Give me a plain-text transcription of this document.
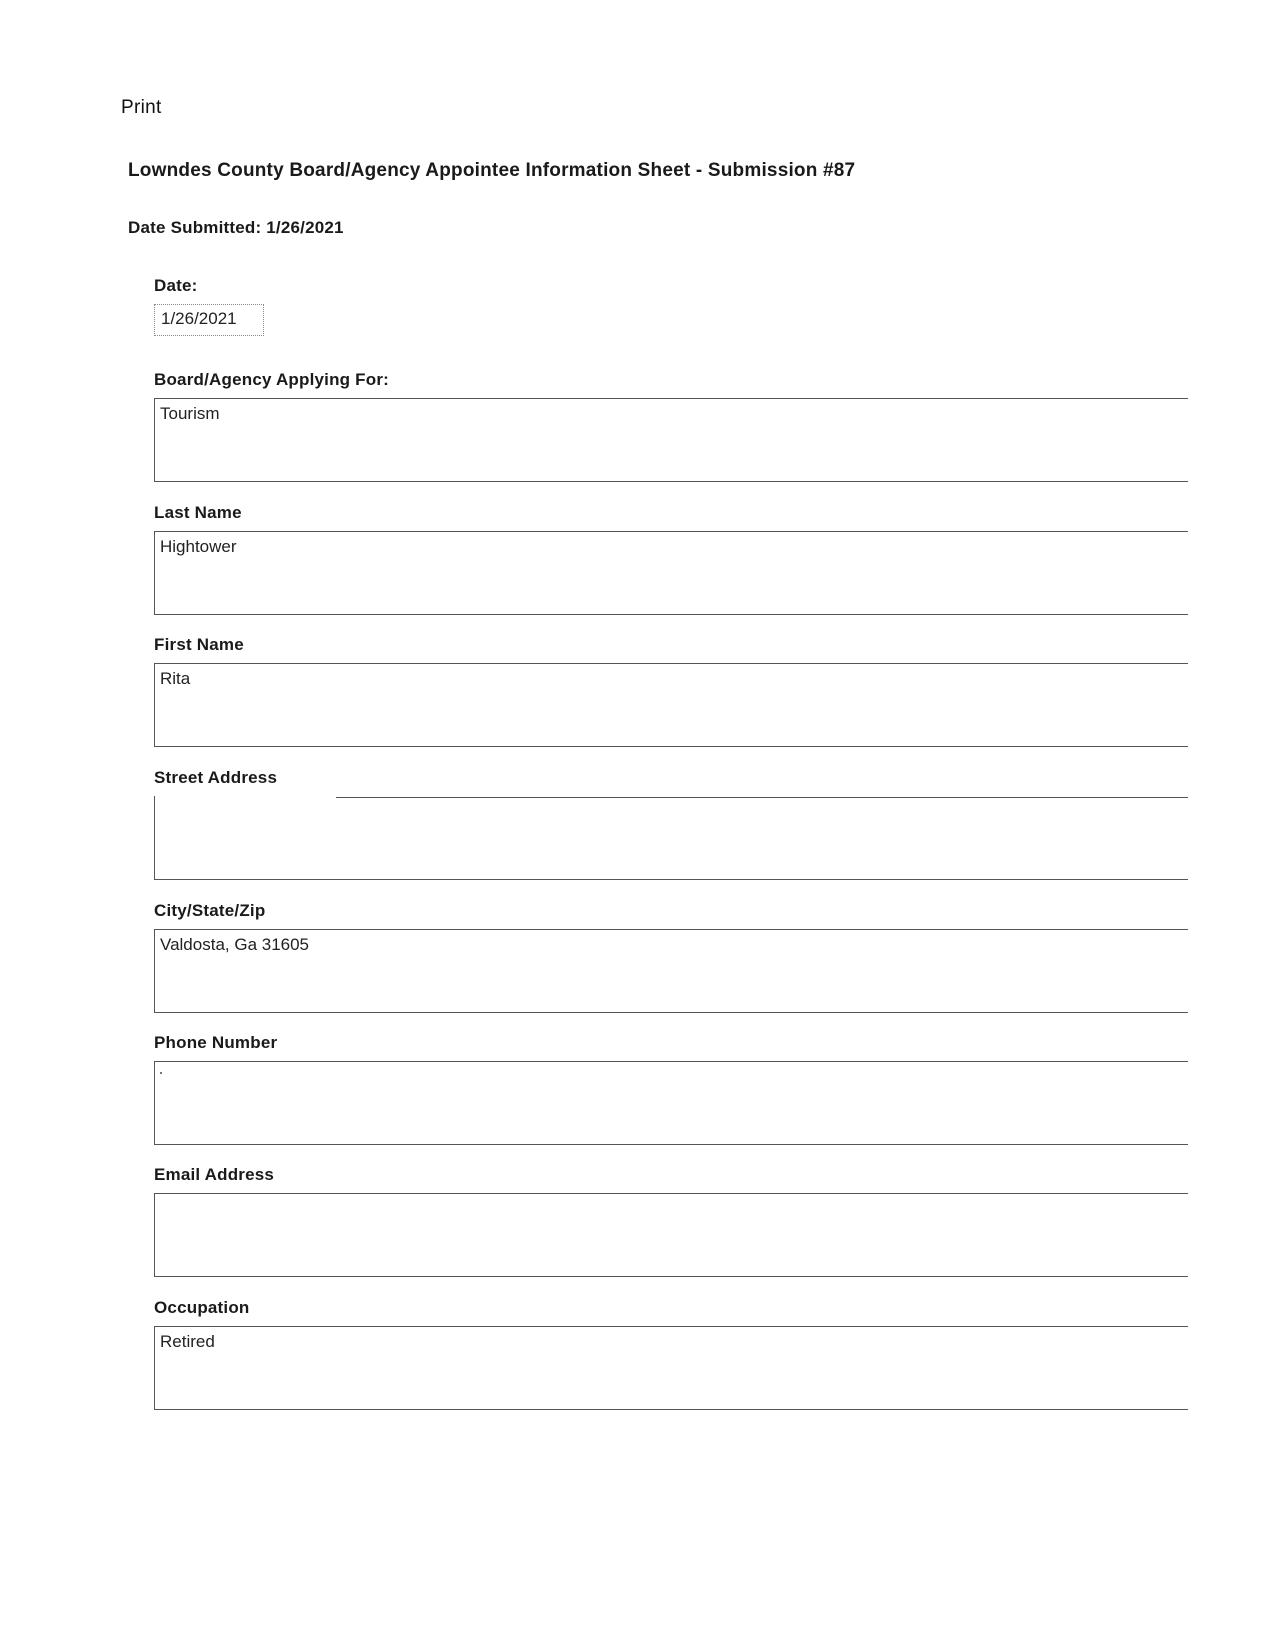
Print
Lowndes County Board/Agency Appointee Information Sheet - Submission #87
Date Submitted: 1/26/2021
Date:
1/26/2021
Board/Agency Applying For:
Tourism
Last Name
Hightower
First Name
Rita
Street Address
City/State/Zip
Valdosta, Ga 31605
Phone Number
Email Address
Occupation
Retired
